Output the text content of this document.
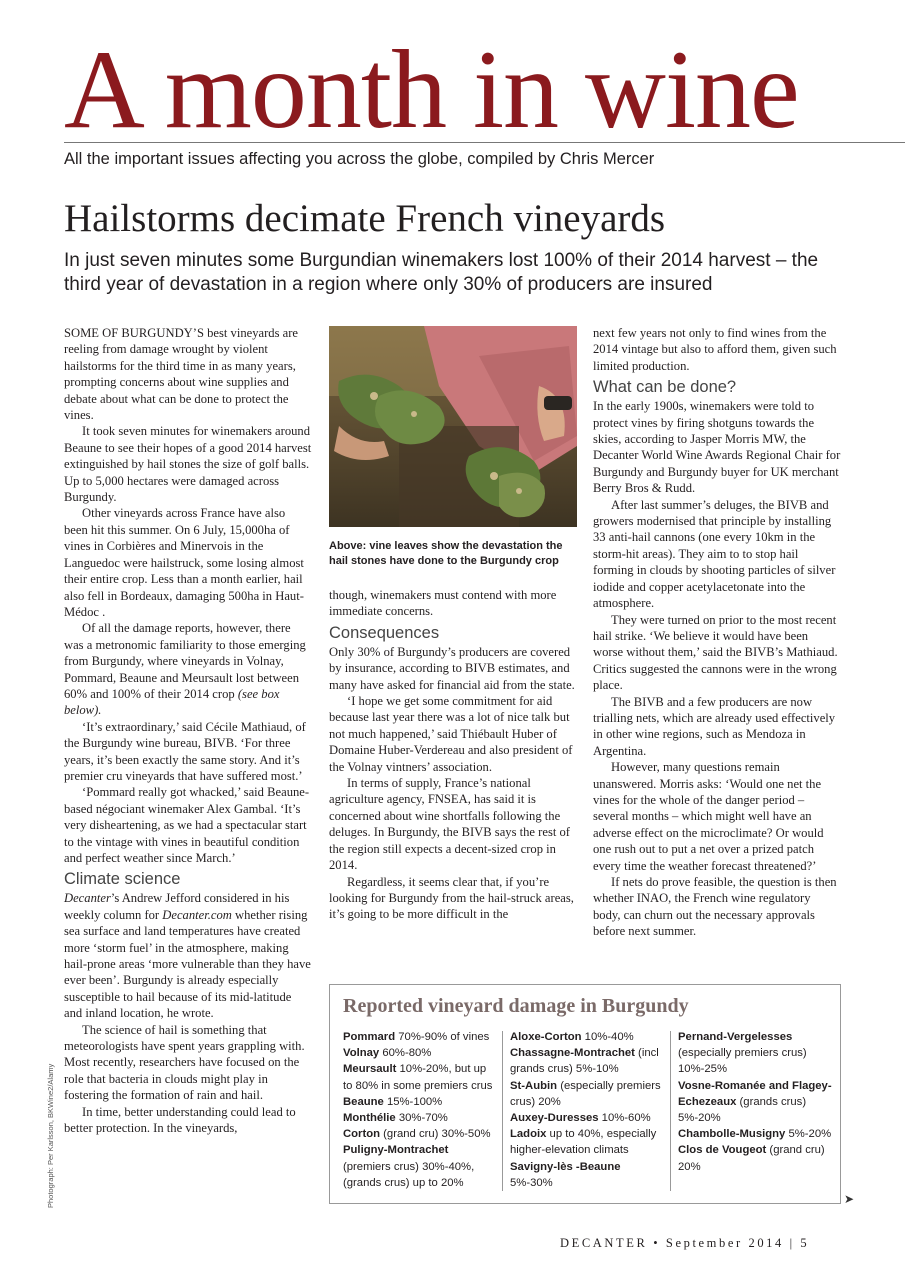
A month in wine
All the important issues affecting you across the globe, compiled by Chris Mercer
Hailstorms decimate French vineyards
In just seven minutes some Burgundian winemakers lost 100% of their 2014 harvest – the third year of devastation in a region where only 30% of producers are insured

SOME OF BURGUNDY’S best vineyards are reeling from damage wrought by violent hailstorms for the third time in as many years, prompting concerns about wine supplies and debate about what can be done to protect the vines.

It took seven minutes for winemakers around Beaune to see their hopes of a good 2014 harvest extinguished by hail stones the size of golf balls. Up to 5,000 hectares were damaged across Burgundy.

Other vineyards across France have also been hit this summer. On 6 July, 15,000ha of vines in Corbières and Minervois in the Languedoc were hailstruck, some losing almost their entire crop. Less than a month earlier, hail also fell in Bordeaux, damaging 500ha in Haut-Médoc .

Of all the damage reports, however, there was a metronomic familiarity to those emerging from Burgundy, where vineyards in Volnay, Pommard, Beaune and Meursault lost between 60% and 100% of their 2014 crop (see box below).

‘It’s extraordinary,’ said Cécile Mathiaud, of the Burgundy wine bureau, BIVB. ‘For three years, it’s been exactly the same story. And it’s premier cru vineyards that have suffered most.’

‘Pommard really got whacked,’ said Beaune-based négociant winemaker Alex Gambal. ‘It’s very disheartening, as we had a spectacular start to the vintage with vines in beautiful condition and perfect weather since March.’

Climate science

Decanter’s Andrew Jefford considered in his weekly column for Decanter.com whether rising sea surface and land temperatures have created more ‘storm fuel’ in the atmosphere, making hail-prone areas ‘more vulnerable than they have ever been’. Burgundy is already especially susceptible to hail because of its mid-latitude and inland location, he wrote.

The science of hail is something that meteorologists have spent years grappling with. Most recently, researchers have focused on the role that bacteria in clouds might play in fostering the formation of rain and hail.

In time, better understanding could lead to better protection. In the vineyards,

Above: vine leaves show the devastation the hail stones have done to the Burgundy crop

though, winemakers must contend with more immediate concerns.

Consequences

Only 30% of Burgundy’s producers are covered by insurance, according to BIVB estimates, and many have asked for financial aid from the state.

‘I hope we get some commitment for aid because last year there was a lot of nice talk but not much happened,’ said Thiébault Huber of Domaine Huber-Verdereau and also president of the Volnay vintners’ association.

In terms of supply, France’s national agriculture agency, FNSEA, has said it is concerned about wine shortfalls following the deluges. In Burgundy, the BIVB says the rest of the region still expects a decent-sized crop in 2014.

Regardless, it seems clear that, if you’re looking for Burgundy from the hail-struck areas, it’s going to be more difficult in the

next few years not only to find wines from the 2014 vintage but also to afford them, given such limited production.

What can be done?

In the early 1900s, winemakers were told to protect vines by firing shotguns towards the skies, according to Jasper Morris MW, the Decanter World Wine Awards Regional Chair for Burgundy and Burgundy buyer for UK merchant Berry Bros & Rudd.

After last summer’s deluges, the BIVB and growers modernised that principle by installing 33 anti-hail cannons (one every 10km in the storm-hit areas). They aim to to stop hail forming in clouds by shooting particles of silver iodide and copper acetylacetonate into the atmosphere.

They were turned on prior to the most recent hail strike. ‘We believe it would have been worse without them,’ said the BIVB’s Mathiaud. Critics suggested the cannons were in the wrong place.

The BIVB and a few producers are now trialling nets, which are already used effectively in other wine regions, such as Mendoza in Argentina.

However, many questions remain unanswered. Morris asks: ‘Would one net the vines for the whole of the danger period – several months – which might well have an adverse effect on the microclimate? Or would one rush out to put a net over a prized patch every time the weather forecast threatened?’

If nets do prove feasible, the question is then whether INAO, the French wine regulatory body, can churn out the necessary approvals before next summer.

Reported vineyard damage in Burgundy
Pommard 70%-90% of vines
Volnay 60%-80%
Meursault 10%-20%, but up to 80% in some premiers crus
Beaune 15%-100%
Monthélie 30%-70%
Corton (grand cru) 30%-50%
Puligny-Montrachet (premiers crus) 30%-40%, (grands crus) up to 20%
Aloxe-Corton 10%-40%
Chassagne-Montrachet (incl grands crus) 5%-10%
St-Aubin (especially premiers crus) 20%
Auxey-Duresses 10%-60%
Ladoix up to 40%, especially higher-elevation climats
Savigny-lès -Beaune 5%-30%
Pernand-Vergelesses (especially premiers crus) 10%-25%
Vosne-Romanée and Flagey-Echezeaux (grands crus) 5%-20%
Chambolle-Musigny 5%-20%
Clos de Vougeot (grand cru) 20%
Photograph: Per Karlsson, BKWine2/Alamy	➤
DECANTER • September 2014 | 5
